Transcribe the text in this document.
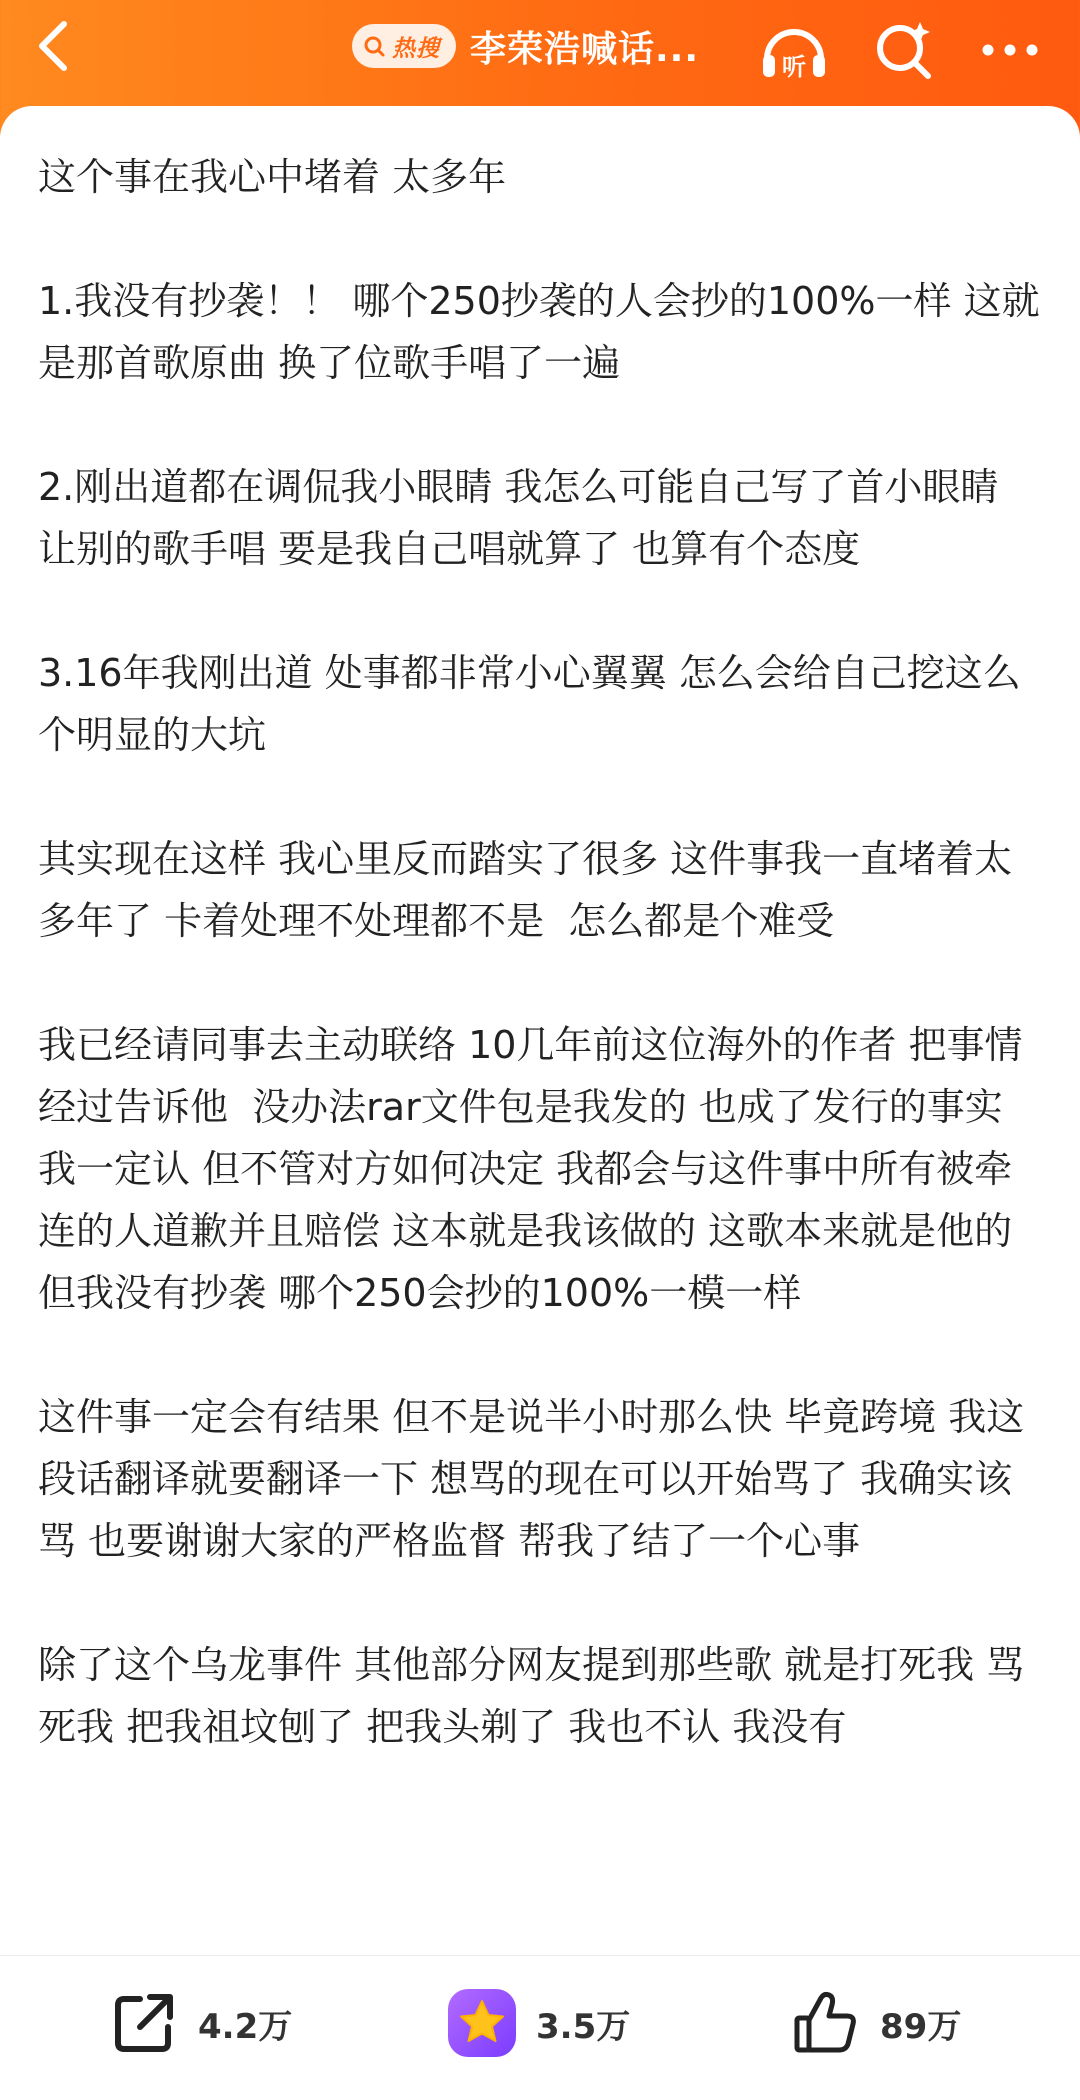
热搜 李荣浩喊话...	听

这个事在我心中堵着 太多年

1.我没有抄袭！！ 哪个250抄袭的人会抄的100%一样 这就是那首歌原曲 换了位歌手唱了一遍

2.刚出道都在调侃我小眼睛 我怎么可能自己写了首小眼睛 让别的歌手唱 要是我自己唱就算了 也算有个态度

3.16年我刚出道 处事都非常小心翼翼 怎么会给自己挖这么个明显的大坑

其实现在这样 我心里反而踏实了很多 这件事我一直堵着太多年了 卡着处理不处理都不是  怎么都是个难受

我已经请同事去主动联络 10几年前这位海外的作者 把事情经过告诉他  没办法rar文件包是我发的 也成了发行的事实 我一定认 但不管对方如何决定 我都会与这件事中所有被牵连的人道歉并且赔偿 这本就是我该做的 这歌本来就是他的 但我没有抄袭 哪个250会抄的100%一模一样

这件事一定会有结果 但不是说半小时那么快 毕竟跨境 我这段话翻译就要翻译一下 想骂的现在可以开始骂了 我确实该骂 也要谢谢大家的严格监督 帮我了结了一个心事

除了这个乌龙事件 其他部分网友提到那些歌 就是打死我 骂死我 把我祖坟刨了 把我头剃了 我也不认 我没有

4.2万	3.5万	89万
